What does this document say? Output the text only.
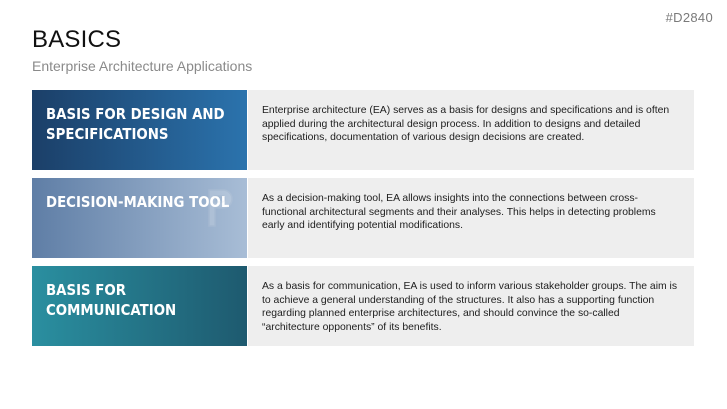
#D2840
BASICS
Enterprise Architecture Applications
BASIS FOR DESIGN AND SPECIFICATIONS
Enterprise architecture (EA) serves as a basis for designs and specifications and is often applied during the architectural design process. In addition to designs and detailed specifications, documentation of various design decisions are created.
DECISION-MAKING TOOL	As a decision-making tool, EA allows insights into the connections between cross-functional architectural segments and their analyses. This helps in detecting problems early and identifying potential modifications.
BASIS FOR COMMUNICATION
As a basis for communication, EA is used to inform various stakeholder groups. The aim is to achieve a general understanding of the structures. It also has a supporting function regarding planned enterprise architectures, and should convince the so-called “architecture opponents” of its benefits.
